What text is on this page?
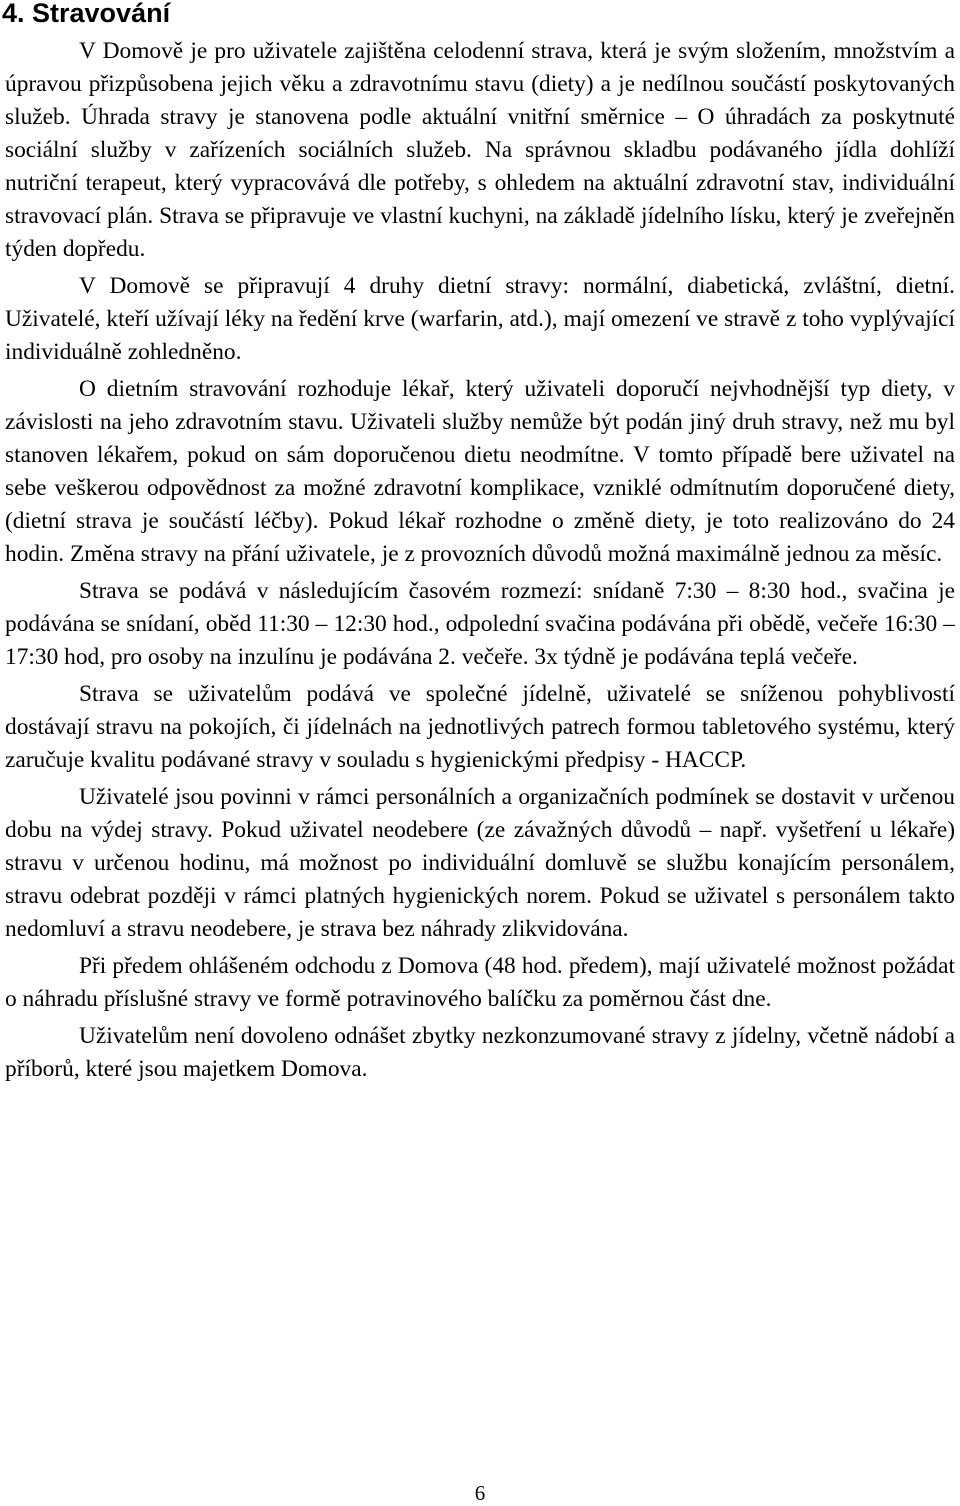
4. Stravování

V Domově je pro uživatele zajištěna celodenní strava, která je svým složením, množstvím a úpravou přizpůsobena jejich věku a zdravotnímu stavu (diety) a je nedílnou součástí poskytovaných služeb. Úhrada stravy je stanovena podle aktuální vnitřní směrnice – O úhradách za poskytnuté sociální služby v zařízeních sociálních služeb. Na správnou skladbu podávaného jídla dohlíží nutriční terapeut, který vypracovává dle potřeby, s ohledem na aktuální zdravotní stav, individuální stravovací plán. Strava se připravuje ve vlastní kuchyni, na základě jídelního lísku, který je zveřejněn týden dopředu.

V Domově se připravují 4 druhy dietní stravy: normální, diabetická, zvláštní, dietní. Uživatelé, kteří užívají léky na ředění krve (warfarin, atd.), mají omezení ve stravě z toho vyplývající individuálně zohledněno.

O dietním stravování rozhoduje lékař, který uživateli doporučí nejvhodnější typ diety, v závislosti na jeho zdravotním stavu. Uživateli služby nemůže být podán jiný druh stravy, než mu byl stanoven lékařem, pokud on sám doporučenou dietu neodmítne. V tomto případě bere uživatel na sebe veškerou odpovědnost za možné zdravotní komplikace, vzniklé odmítnutím doporučené diety, (dietní strava je součástí léčby). Pokud lékař rozhodne o změně diety, je toto realizováno do 24 hodin. Změna stravy na přání uživatele, je z provozních důvodů možná maximálně jednou za měsíc.

Strava se podává v následujícím časovém rozmezí: snídaně 7:30 – 8:30 hod., svačina je podávána se snídaní, oběd 11:30 – 12:30 hod., odpolední svačina podávána při obědě, večeře 16:30 – 17:30 hod, pro osoby na inzulínu je podávána 2. večeře. 3x týdně je podávána teplá večeře.

Strava se uživatelům podává ve společné jídelně, uživatelé se sníženou pohyblivostí dostávají stravu na pokojích, či jídelnách na jednotlivých patrech formou tabletového systému, který zaručuje kvalitu podávané stravy v souladu s hygienickými předpisy - HACCP.

Uživatelé jsou povinni v rámci personálních a organizačních podmínek se dostavit v určenou dobu na výdej stravy. Pokud uživatel neodebere (ze závažných důvodů – např. vyšetření u lékaře) stravu v určenou hodinu, má možnost po individuální domluvě se službu konajícím personálem, stravu odebrat později v rámci platných hygienických norem. Pokud se uživatel s personálem takto nedomluví a stravu neodebere, je strava bez náhrady zlikvidována.

Při předem ohlášeném odchodu z Domova (48 hod. předem), mají uživatelé možnost požádat o náhradu příslušné stravy ve formě potravinového balíčku za poměrnou část dne.

Uživatelům není dovoleno odnášet zbytky nezkonzumované stravy z jídelny, včetně nádobí a příborů, které jsou majetkem Domova.

6
